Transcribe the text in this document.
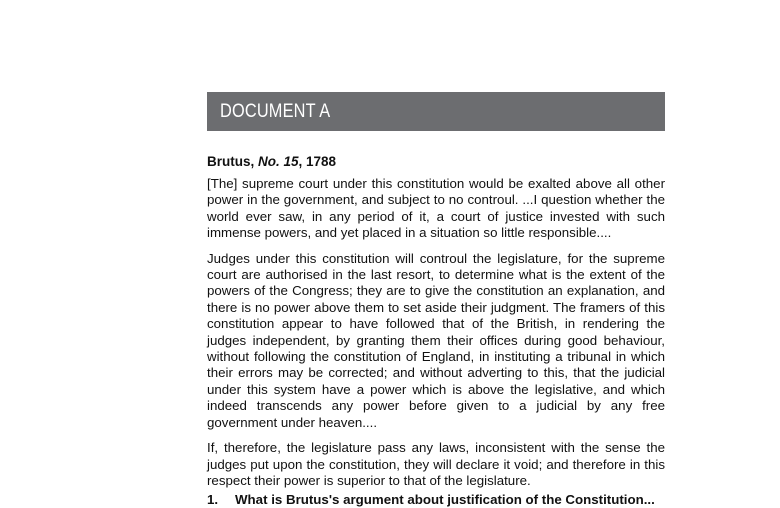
DOCUMENT A

Brutus, No. 15, 1788

[The] supreme court under this constitution would be exalted above all other power in the government, and subject to no controul. ...I question whether the world ever saw, in any period of it, a court of justice invested with such immense powers, and yet placed in a situation so little responsible....

Judges under this constitution will controul the legislature, for the supreme court are authorised in the last resort, to determine what is the extent of the powers of the Congress; they are to give the constitution an explanation, and there is no power above them to set aside their judgment. The framers of this constitution appear to have followed that of the British, in rendering the judges independent, by granting them their offices during good behaviour, without following the constitution of England, in instituting a tribunal in which their errors may be corrected; and without adverting to this, that the judicial under this system have a power which is above the legislative, and which indeed transcends any power before given to a judicial by any free government under heaven....

If, therefore, the legislature pass any laws, inconsistent with the sense the judges put upon the constitution, they will declare it void; and therefore in this respect their power is superior to that of the legislature.

1. What is Brutus's argument about justification of the Constitution...
